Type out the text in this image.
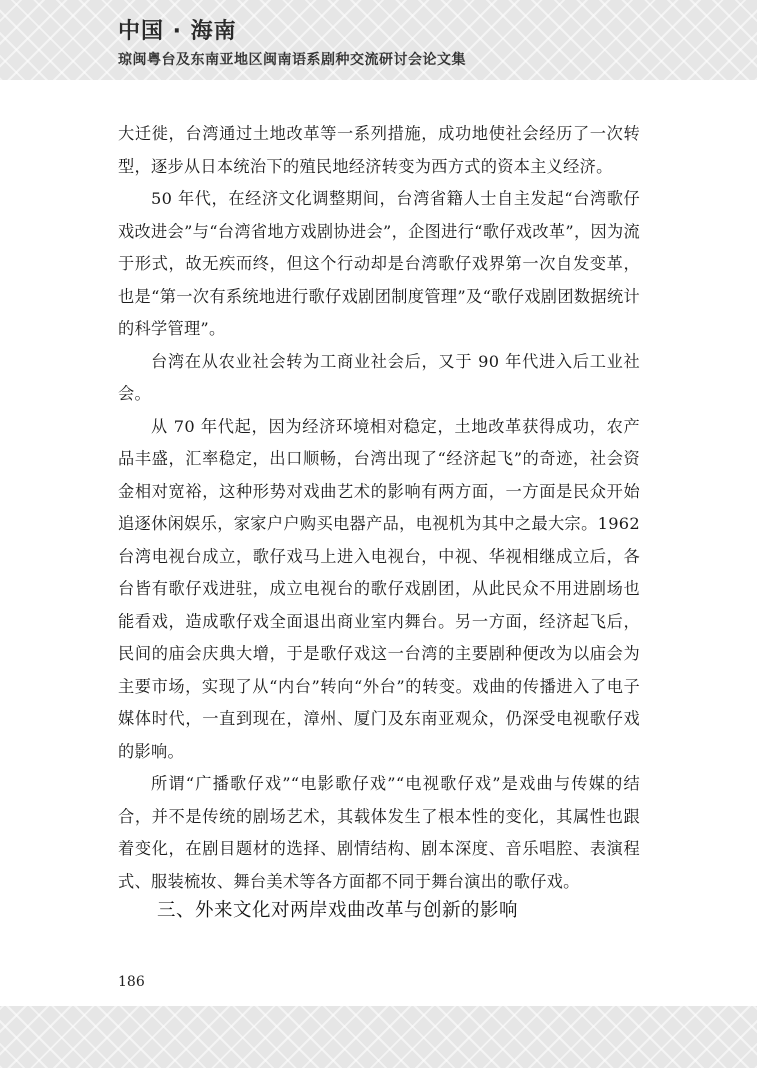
中国 · 海南
琼闽粤台及东南亚地区闽南语系剧种交流研讨会论文集

大迁徙，台湾通过土地改革等一系列措施，成功地使社会经历了一次转型，逐步从日本统治下的殖民地经济转变为西方式的资本主义经济。

50 年代，在经济文化调整期间，台湾省籍人士自主发起“台湾歌仔戏改进会”与“台湾省地方戏剧协进会”，企图进行“歌仔戏改革”，因为流于形式，故无疾而终，但这个行动却是台湾歌仔戏界第一次自发变革，也是“第一次有系统地进行歌仔戏剧团制度管理”及“歌仔戏剧团数据统计的科学管理”。

台湾在从农业社会转为工商业社会后，又于 90 年代进入后工业社会。

从 70 年代起，因为经济环境相对稳定，土地改革获得成功，农产品丰盛，汇率稳定，出口顺畅，台湾出现了“经济起飞”的奇迹，社会资金相对宽裕，这种形势对戏曲艺术的影响有两方面，一方面是民众开始追逐休闲娱乐，家家户户购买电器产品，电视机为其中之最大宗。1962 台湾电视台成立，歌仔戏马上进入电视台，中视、华视相继成立后，各台皆有歌仔戏进驻，成立电视台的歌仔戏剧团，从此民众不用进剧场也能看戏，造成歌仔戏全面退出商业室内舞台。另一方面，经济起飞后，民间的庙会庆典大增，于是歌仔戏这一台湾的主要剧种便改为以庙会为主要市场，实现了从“内台”转向“外台”的转变。戏曲的传播进入了电子媒体时代，一直到现在，漳州、厦门及东南亚观众，仍深受电视歌仔戏的影响。

所谓“广播歌仔戏”“电影歌仔戏”“电视歌仔戏”是戏曲与传媒的结合，并不是传统的剧场艺术，其载体发生了根本性的变化，其属性也跟着变化，在剧目题材的选择、剧情结构、剧本深度、音乐唱腔、表演程式、服装梳妆、舞台美术等各方面都不同于舞台演出的歌仔戏。

三、外来文化对两岸戏曲改革与创新的影响
186
